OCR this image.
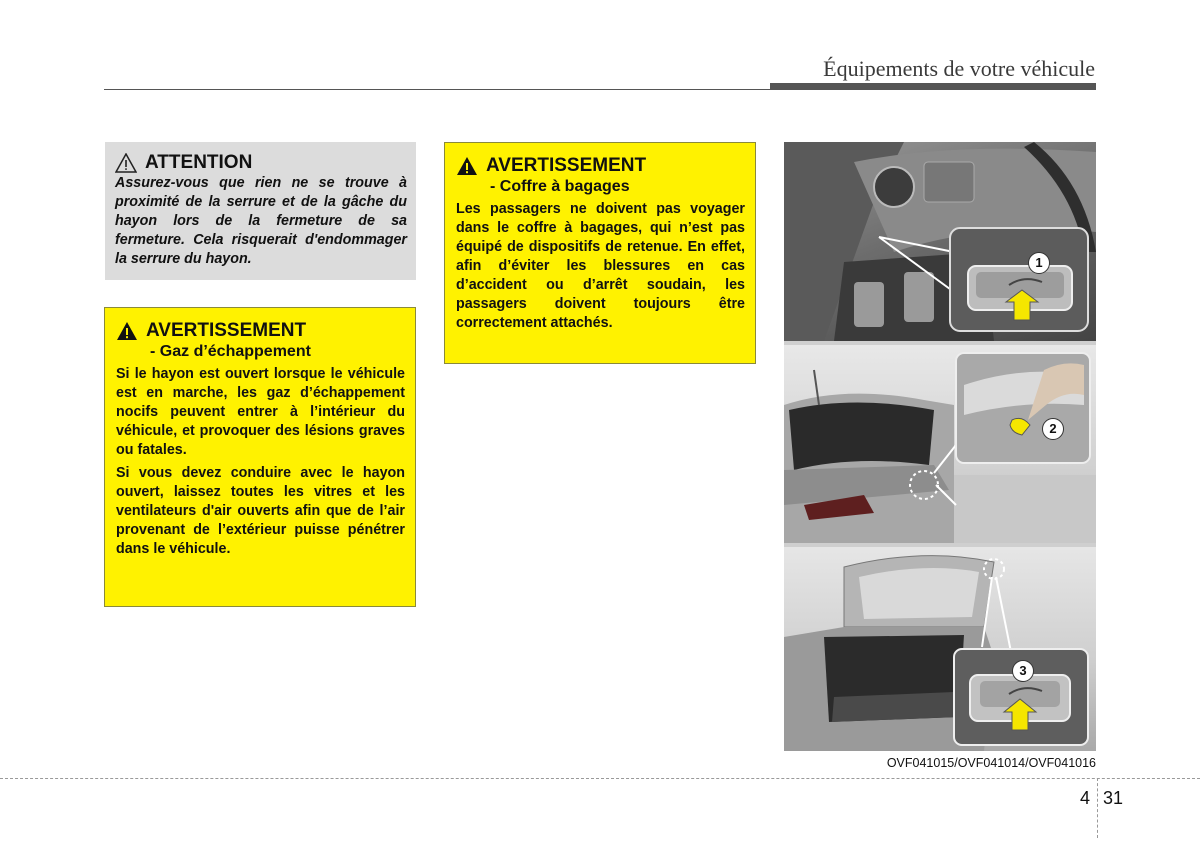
Équipements de votre véhicule
ATTENTION

Assurez-vous que rien ne se trouve à proximité de la serrure et de la gâche du hayon lors de la fermeture de sa fermeture. Cela risquerait d'endommager la serrure du hayon.

AVERTISSEMENT
- Gaz d’échappement

Si le hayon est ouvert lorsque le véhicule est en marche, les gaz d’échappement nocifs peuvent entrer à l’intérieur du véhicule, et provoquer des lésions graves ou fatales.

Si vous devez conduire avec le hayon ouvert, laissez toutes les vitres et les ventilateurs d'air ouverts afin que de l’air provenant de l’extérieur puisse pénétrer dans le véhicule.

AVERTISSEMENT
- Coffre à bagages

Les passagers ne doivent pas voyager dans le coffre à bagages, qui n’est pas équipé de dispositifs de retenue. En effet, afin d’éviter les blessures en cas d’accident ou d’arrêt soudain, les passagers doivent toujours être correctement attachés.

1
2
3
OVF041015/OVF041014/OVF041016
4 31
